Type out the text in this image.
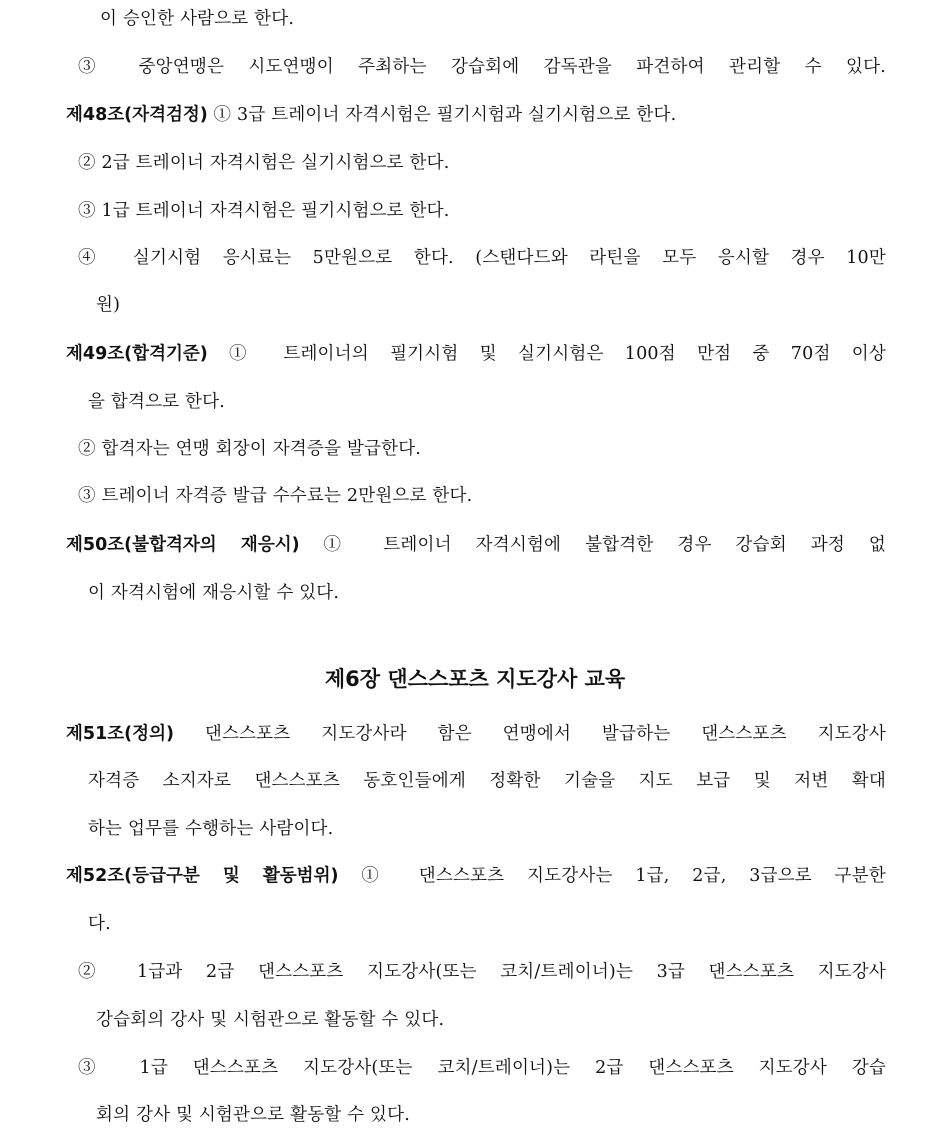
이 승인한 사람으로 한다.
③ 중앙연맹은 시도연맹이 주최하는 강습회에 감독관을 파견하여 관리할 수 있다.
제48조(자격검정) ① 3급 트레이너 자격시험은 필기시험과 실기시험으로 한다.
② 2급 트레이너 자격시험은 실기시험으로 한다.
③ 1급 트레이너 자격시험은 필기시험으로 한다.
④ 실기시험 응시료는 5만원으로 한다. (스탠다드와 라틴을 모두 응시할 경우 10만
원)
제49조(합격기준) ① 트레이너의 필기시험 및 실기시험은 100점 만점 중 70점 이상
을 합격으로 한다.
② 합격자는 연맹 회장이 자격증을 발급한다.
③ 트레이너 자격증 발급 수수료는 2만원으로 한다.
제50조(불합격자의 재응시) ① 트레이너 자격시험에 불합격한 경우 강습회 과정 없
이 자격시험에 재응시할 수 있다.
제6장 댄스스포츠 지도강사 교육
제51조(정의) 댄스스포츠 지도강사라 함은 연맹에서 발급하는 댄스스포츠 지도강사
자격증 소지자로 댄스스포츠 동호인들에게 정확한 기술을 지도 보급 및 저변 확대
하는 업무를 수행하는 사람이다.
제52조(등급구분 및 활동범위) ① 댄스스포츠 지도강사는 1급, 2급, 3급으로 구분한
다.
② 1급과 2급 댄스스포츠 지도강사(또는 코치/트레이너)는 3급 댄스스포츠 지도강사
강습회의 강사 및 시험관으로 활동할 수 있다.
③ 1급 댄스스포츠 지도강사(또는 코치/트레이너)는 2급 댄스스포츠 지도강사 강습
회의 강사 및 시험관으로 활동할 수 있다.
